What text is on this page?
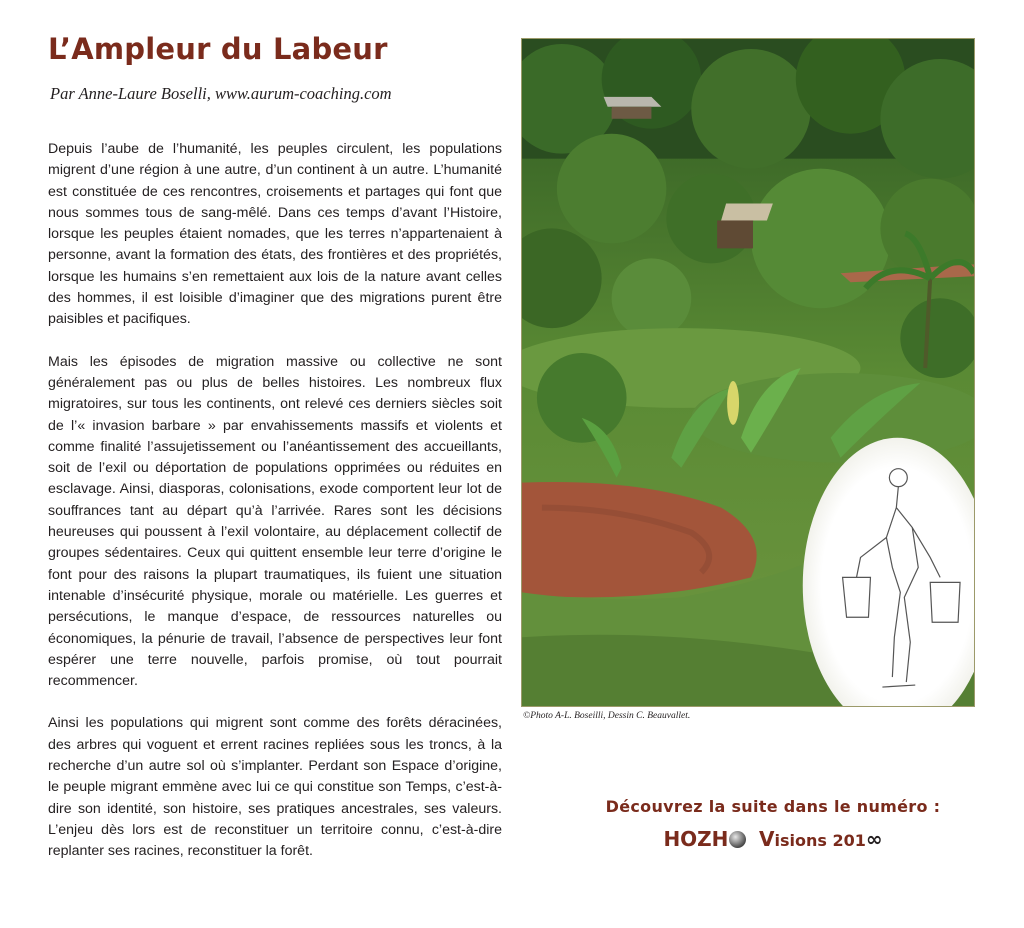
L’Ampleur du Labeur
Par Anne-Laure Boselli, www.aurum-coaching.com

Depuis l’aube de l’humanité, les peuples circulent, les populations migrent d’une région à une autre, d’un continent à un autre. L’humanité est constituée de ces rencontres, croisements et partages qui font que nous sommes tous de sang-mêlé. Dans ces temps d’avant l’Histoire, lorsque les peuples étaient nomades, que les terres n’appartenaient à personne, avant la formation des états, des frontières et des propriétés, lorsque les humains s’en remettaient aux lois de la nature avant celles des hommes, il est loisible d’imaginer que des migrations purent être paisibles et pacifiques.

Mais les épisodes de migration massive ou collective ne sont généralement pas ou plus de belles histoires. Les nombreux flux migratoires, sur tous les continents, ont relevé ces derniers siècles soit de l’« invasion barbare » par envahissements massifs et violents et comme finalité l’assujetissement ou l’anéantissement des accueillants, soit de l’exil ou déportation de populations opprimées ou réduites en esclavage. Ainsi, diasporas, colonisations, exode comportent leur lot de souffrances tant au départ qu’à l’arrivée. Rares sont les décisions heureuses qui poussent à l’exil volontaire, au déplacement collectif de groupes sédentaires. Ceux qui quittent ensemble leur terre d’origine le font pour des raisons la plupart traumatiques, ils fuient une situation intenable d’insécurité physique, morale ou matérielle. Les guerres et persécutions, le manque d’espace, de ressources naturelles ou économiques, la pénurie de travail, l’absence de perspectives leur font espérer une terre nouvelle, parfois promise, où tout pourrait recommencer.

Ainsi les populations qui migrent sont comme des forêts déracinées, des arbres qui voguent et errent racines repliées sous les troncs, à la recherche d’un autre sol où s’implanter. Perdant son Espace d’origine, le peuple migrant emmène avec lui ce qui constitue son Temps, c’est-à-dire son identité, son histoire, ses pratiques ancestrales, ses valeurs. L’enjeu dès lors est de reconstituer un territoire connu, c’est-à-dire replanter ses racines, reconstituer la forêt.

©Photo A-L. Boseilli, Dessin C. Beauvallet.
Découvrez la suite dans le numéro :
HOZH Visions 201∞
